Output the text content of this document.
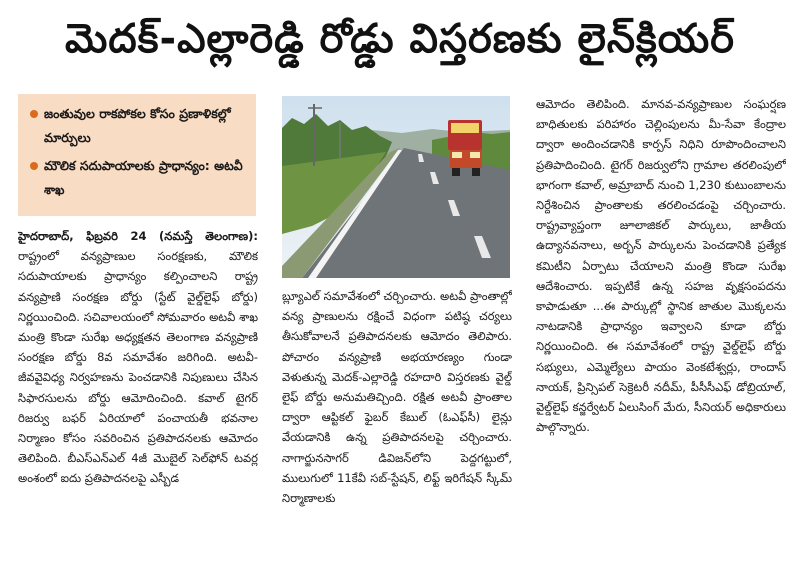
మెదక్-ఎల్లారెడ్డి రోడ్డు విస్తరణకు లైన్‌క్లియర్
జంతువుల రాకపోకల కోసం ప్రణాళికల్లో మార్పులు
మౌలిక సదుపాయాలకు ప్రాధాన్యం: అటవీ శాఖ

హైదరాబాద్, ఫిబ్రవరి 24 (నమస్తే తెలంగాణ): రాష్ట్రంలో వన్యప్రాణుల సంరక్షణకు, మౌలిక సదుపాయాలకు ప్రాధాన్యం కల్పించాలని రాష్ట్ర వన్యప్రాణి సంరక్షణ బోర్డు (స్టేట్ వైల్డ్‌లైఫ్ బోర్డు) నిర్ణయించింది. సచివాలయంలో సోమవారం అటవీ శాఖ మంత్రి కొండా సురేఖ అధ్యక్షతన తెలంగాణ వన్యప్రాణి సంరక్షణ బోర్డు 8వ సమావేశం జరిగింది. అటవీ-జీవవైవిధ్య నిర్వహణను పెంచడానికి నిపుణులు చేసిన సిఫారసులను బోర్డు ఆమోదించింది. కవాల్ టైగర్ రిజర్వు బఫర్ ఏరియాలో పంచాయతీ భవనాల నిర్మాణం కోసం సవరించిన ప్రతిపాదనలకు ఆమోదం తెలిపింది. బీఎస్ఎన్ఎల్ 4జీ మొబైల్ సెల్‌ఫోన్ టవర్ల అంశంలో ఐదు ప్రతిపాదనలపై ఎస్బీడ

బ్ల్యూఎల్ సమావేశంలో చర్చించారు. అటవీ ప్రాంతాల్లో వన్య ప్రాణులను రక్షించే విధంగా పటిష్ఠ చర్యలు తీసుకోవాలనే ప్రతిపాదనలకు ఆమోదం తెలిపారు. పోచారం వన్యప్రాణి అభయారణ్యం గుండా వెళుతున్న మెదక్-ఎల్లారెడ్డి రహదారి విస్తరణకు వైల్డ్ లైఫ్ బోర్డు అనుమతిచ్చింది. రక్షిత అటవీ ప్రాంతాల ద్వారా ఆప్టికల్ ఫైబర్ కేబుల్ (ఓఎఫ్‌సీ) లైన్లు వేయడానికి ఉన్న ప్రతిపాదనలపై చర్చించారు. నాగార్జునసాగర్ డివిజన్‌లోని పెద్దగట్టులో, ములుగులో 11కేవీ సబ్-స్టేషన్, లిఫ్ట్ ఇరిగేషన్ స్కీమ్ నిర్మాణాలకు

ఆమోదం తెలిపింది. మానవ-వన్యప్రాణుల సంఘర్షణ బాధితులకు పరిహారం చెల్లింపులను మీ-సేవా కేంద్రాల ద్వారా అందించడానికి కార్పస్ నిధిని రూపొందించాలని ప్రతిపాదించింది. టైగర్ రిజర్వులోని గ్రామాల తరలింపులో భాగంగా కవాల్, అమ్రాబాద్ నుంచి 1,230 కుటుంబాలను నిర్దేశించిన ప్రాంతాలకు తరలించడంపై చర్చించారు. రాష్ట్రవ్యాప్తంగా జూలాజికల్ పార్కులు, జాతీయ ఉద్యానవనాలు, అర్బన్ పార్కులను పెంచడానికి ప్రత్యేక కమిటీని ఏర్పాటు చేయాలని మంత్రి కొండా సురేఖ ఆదేశించారు. ఇప్పటికే ఉన్న సహజ వృక్షసంపదను కాపాడుతూ ...ఈ పార్కుల్లో స్థానిక జాతుల మొక్కలను నాటడానికి ప్రాధాన్యం ఇవ్వాలని కూడా బోర్డు నిర్ణయించింది. ఈ సమావేశంలో రాష్ట్ర వైల్డ్‌లైఫ్ బోర్డు సభ్యులు, ఎమ్మెల్యేలు పాయం వెంకటేశ్వర్లు, రాందాస్ నాయక్, ప్రిన్సిపల్ సెక్రెటరీ నదీమ్, పీసీసీఎఫ్ డోబ్రియాల్, వైల్డ్‌లైఫ్ కన్జర్వేటర్ ఏలుసింగ్ మేరు, సీనియర్ అధికారులు పాల్గొన్నారు.
